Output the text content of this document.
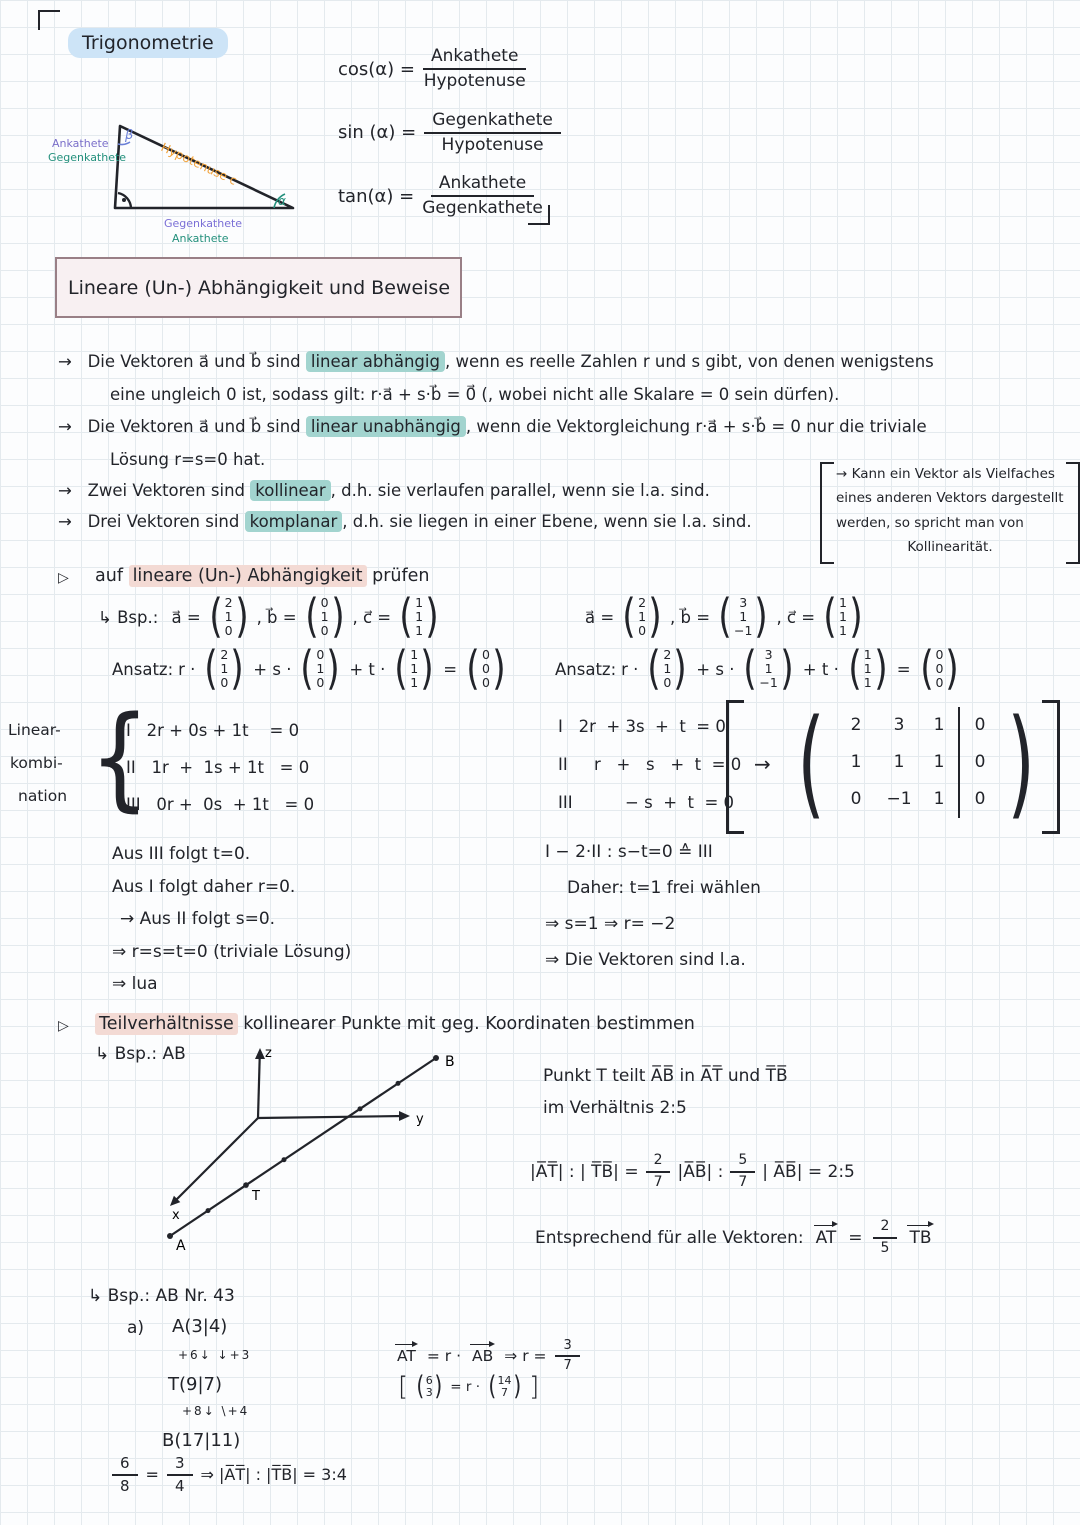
Trigonometrie
β
α
Hypotenuse c
Ankathete
Gegenkathete
Gegenkathete
Ankathete
$\cos(\alpha) = \frac{\text{Ankathete}}{\text{Hypotenuse}}$
$\sin (\alpha) = \frac{\text{Gegenkathete}}{\text{Hypotenuse}}$
$\tan(\alpha) = \frac{\text{Ankathete}}{\text{Gegenkathete}}$
Lineare (Un-) Abhängigkeit und Beweise
→ Die Vektoren a⃗ und b⃗ sind linear abhängig , wenn es reelle Zahlen r und s gibt, von denen wenigstens
eine ungleich 0 ist, sodass gilt: r·a⃗ + s·b⃗ = 0⃗ (, wobei nicht alle Skalare = 0 sein dürfen).
→ Die Vektoren a⃗ und b⃗ sind linear unabhängig , wenn die Vektorgleichung r·a⃗ + s·b⃗ = 0 nur die triviale
Lösung r=s=0 hat.
→ Zwei Vektoren sind kollinear , d.h. sie verlaufen parallel, wenn sie l.a. sind.
→ Drei Vektoren sind komplanar , d.h. sie liegen in einer Ebene, wenn sie l.a. sind.
→ Kann ein Vektor als Vielfaches
eines anderen Vektors dargestellt
werden, so spricht man von
Kollinearität.
▷ auf lineare (Un-) Abhängigkeit prüfen
↳ Bsp.:
a⃗ = ( 2
1
0 ) , b⃗ = ( 0
1
0 ) , c⃗ = ( 1
1
1 )	a⃗ = ( 2
1
0 ) , b⃗ = ( 3
1
−1 ) , c⃗ = ( 1
1
1 )
Ansatz: r · ( 2
1
0 ) + s · ( 0
1
0 ) + t · ( 1
1
1 ) = ( 0
0
0 )	Ansatz: r · ( 2
1
0 ) + s · ( 3
1
−1 ) + t · ( 1
1
1 ) = ( 0
0
0 )
Linear-
kombi-
nation {
I   2r + 0s + 1t    = 0
II   1r  +  1s + 1t   = 0
III   0r +  0s  + 1t   = 0
I   2r  + 3s  +  t  = 0
II     r   +   s   +  t  = 0
III          − s  +  t  = 0
→ (	2	3	1	0
1	1	1	0
0	−1	1	0 )
Aus III folgt t=0.
Aus I folgt daher r=0.
→ Aus II folgt s=0.
⇒ r=s=t=0 (triviale Lösung)
⇒ lua
I − 2·II : s−t=0 ≙ III
Daher: t=1 frei wählen
⇒ s=1 ⇒ r= −2
⇒ Die Vektoren sind l.a.
▷ Teilverhältnisse kollinearer Punkte mit geg. Koordinaten bestimmen
↳ Bsp.: AB	z
y
x
A
B
T
Punkt T teilt A̅B̅ in A̅T̅ und T̅B̅
im Verhältnis 2:5
|A̅T̅| : | T̅B̅| = $\frac{2}{7}$ |A̅B̅| : $\frac{5}{7}$ | A̅B̅| = 2:5
Entsprechend für alle Vektoren: AT = $\frac{2}{5}$ TB
↳ Bsp.: AB Nr. 43
a) A(3|4)
+6↓ ↓+3
T(9|7)
+8↓ \+4
B(17|11)
$\frac{6}{8} = \frac{3}{4}$ ⇒ |A̅T̅| : |T̅B̅| = 3:4
AT = r · AB ⇒ $r = \frac{3}{7}$
[ ( 6
3 ) = r · ( 14
7 ) ]
